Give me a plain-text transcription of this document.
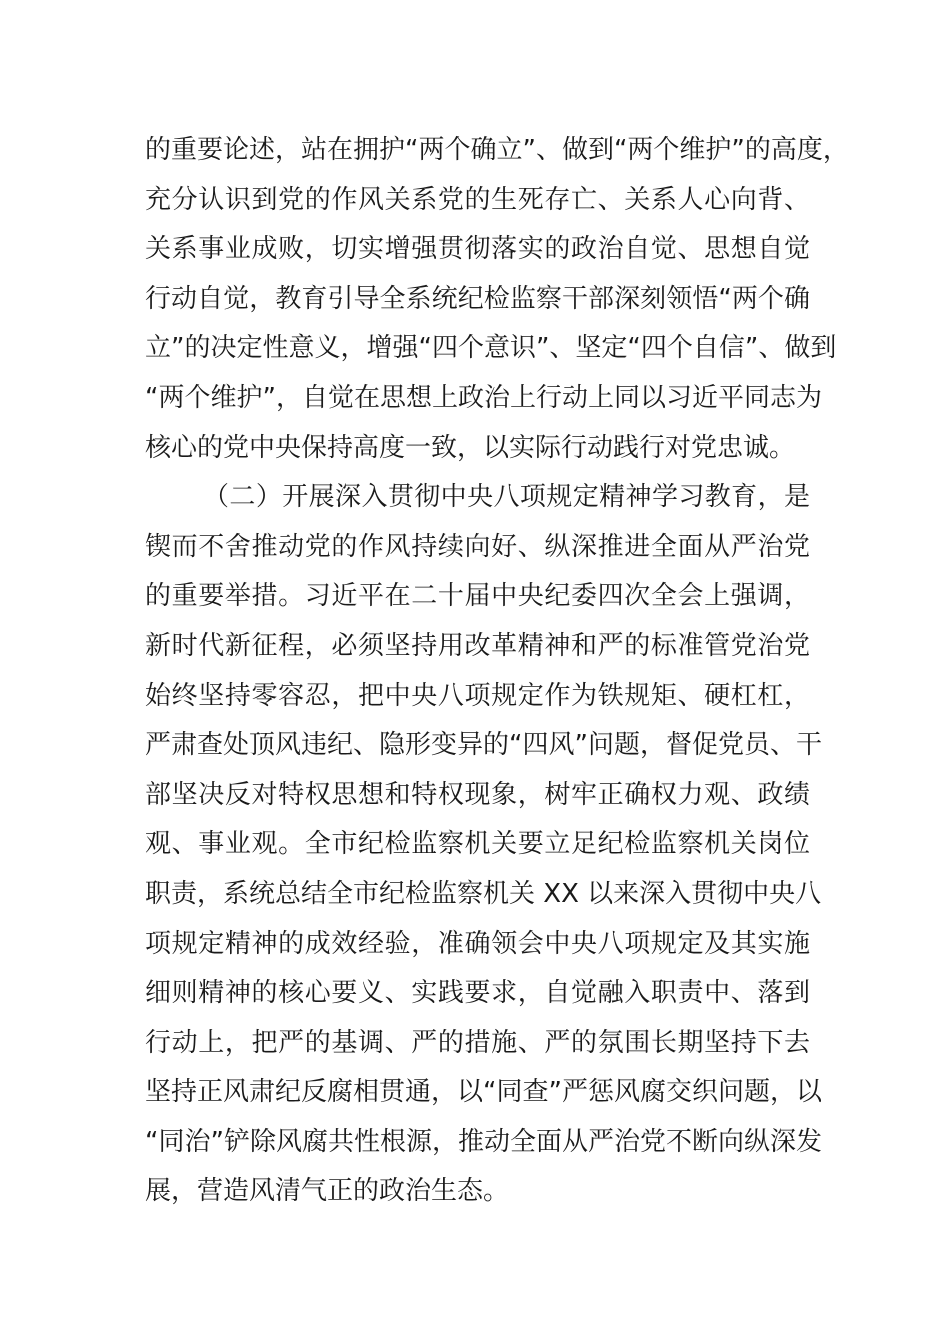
的重要论述，站在拥护“两个确立”、做到“两个维护”的高度，
充分认识到党的作风关系党的生死存亡、关系人心向背、
关系事业成败，切实增强贯彻落实的政治自觉、思想自觉
行动自觉，教育引导全系统纪检监察干部深刻领悟“两个确
立”的决定性意义，增强“四个意识”、坚定“四个自信”、做到
“两个维护”，自觉在思想上政治上行动上同以习近平同志为
核心的党中央保持高度一致，以实际行动践行对党忠诚。
（二）开展深入贯彻中央八项规定精神学习教育，是
锲而不舍推动党的作风持续向好、纵深推进全面从严治党
的重要举措。习近平在二十届中央纪委四次全会上强调，
新时代新征程，必须坚持用改革精神和严的标准管党治党
始终坚持零容忍，把中央八项规定作为铁规矩、硬杠杠，
严肃查处顶风违纪、隐形变异的“四风”问题，督促党员、干
部坚决反对特权思想和特权现象，树牢正确权力观、政绩
观、事业观。全市纪检监察机关要立足纪检监察机关岗位
职责，系统总结全市纪检监察机关 XX 以来深入贯彻中央八
项规定精神的成效经验，准确领会中央八项规定及其实施
细则精神的核心要义、实践要求，自觉融入职责中、落到
行动上，把严的基调、严的措施、严的氛围长期坚持下去
坚持正风肃纪反腐相贯通，以“同查”严惩风腐交织问题，以
“同治”铲除风腐共性根源，推动全面从严治党不断向纵深发
展，营造风清气正的政治生态。
